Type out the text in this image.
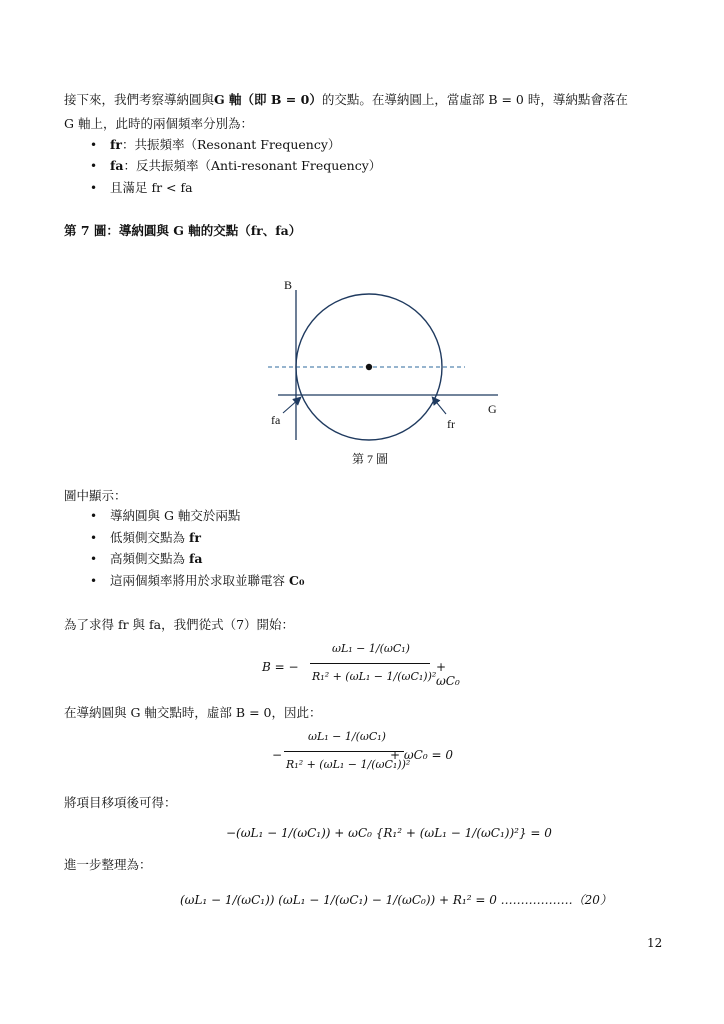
接下來，我們考察導納圓與G 軸（即 B = 0）的交點。在導納圓上，當虛部 B = 0 時，導納點會落在
G 軸上，此時的兩個頻率分別為：
• fr：共振頻率（Resonant Frequency）
• fa：反共振頻率（Anti-resonant Frequency）
• 且滿足 fr < fa
第 7 圖：導納圓與 G 軸的交點（fr、fa）
B
G
fa	fr
第 7 圖
圖中顯示：
• 導納圓與 G 軸交於兩點
• 低頻側交點為 fr
• 高頻側交點為 fa
• 這兩個頻率將用於求取並聯電容 C₀
為了求得 fr 與 fa，我們從式（7）開始：
B = −
ωL₁ − 1/(ωC₁)
R₁² + (ωL₁ − 1/(ωC₁))²
+ ωC₀
在導納圓與 G 軸交點時，虛部 B = 0，因此：
−
ωL₁ − 1/(ωC₁)
R₁² + (ωL₁ − 1/(ωC₁))²
+ ωC₀ = 0
將項目移項後可得：
−(ωL₁ − 1/(ωC₁)) + ωC₀ {R₁² + (ωL₁ − 1/(ωC₁))²} = 0
進一步整理為：
(ωL₁ − 1/(ωC₁)) (ωL₁ − 1/(ωC₁) − 1/(ωC₀)) + R₁² = 0 ………………（20）
12
